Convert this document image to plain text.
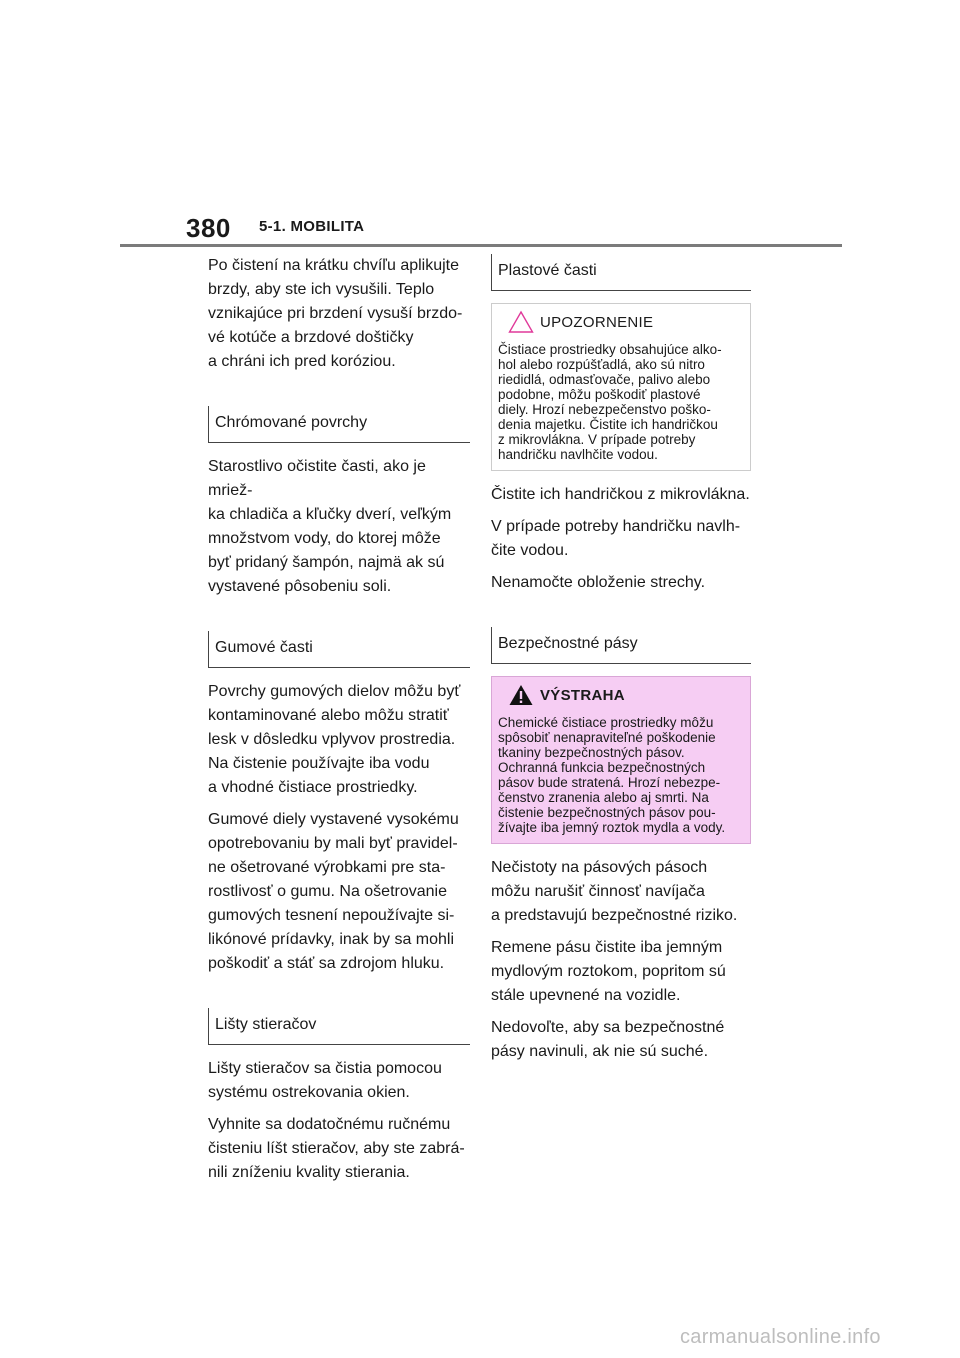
380 5-1. MOBILITA

Po čistení na krátku chvíľu aplikujte
brzdy, aby ste ich vysušili. Teplo
vznikajúce pri brzdení vysuší brzdo-
vé kotúče a brzdové doštičky
a chráni ich pred koróziou.

Chrómované povrchy

Starostlivo očistite časti, ako je mriež-
ka chladiča a kľučky dverí, veľkým
množstvom vody, do ktorej môže
byť pridaný šampón, najmä ak sú
vystavené pôsobeniu soli.

Gumové časti

Povrchy gumových dielov môžu byť
kontaminované alebo môžu stratiť
lesk v dôsledku vplyvov prostredia.
Na čistenie používajte iba vodu
a vhodné čistiace prostriedky.

Gumové diely vystavené vysokému
opotrebovaniu by mali byť pravidel-
ne ošetrované výrobkami pre sta-
rostlivosť o gumu. Na ošetrovanie
gumových tesnení nepoužívajte si-
likónové prídavky, inak by sa mohli
poškodiť a stáť sa zdrojom hluku.

Lišty stieračov

Lišty stieračov sa čistia pomocou
systému ostrekovania okien.

Vyhnite sa dodatočnému ručnému
čisteniu líšt stieračov, aby ste zabrá-
nili zníženiu kvality stierania.

Plastové časti
UPOZORNENIE
Čistiace prostriedky obsahujúce alko-
hol alebo rozpúšťadlá, ako sú nitro
riedidlá, odmasťovače, palivo alebo
podobne, môžu poškodiť plastové
diely. Hrozí nebezpečenstvo poško-
denia majetku. Čistite ich handričkou
z mikrovlákna. V prípade potreby
handričku navlhčite vodou.

Čistite ich handričkou z mikrovlákna.

V prípade potreby handričku navlh-
čite vodou.

Nenamočte obloženie strechy.

Bezpečnostné pásy
VÝSTRAHA
Chemické čistiace prostriedky môžu
spôsobiť nenapraviteľné poškodenie
tkaniny bezpečnostných pásov.
Ochranná funkcia bezpečnostných
pásov bude stratená. Hrozí nebezpe-
čenstvo zranenia alebo aj smrti. Na
čistenie bezpečnostných pásov pou-
žívajte iba jemný roztok mydla a vody.

Nečistoty na pásových pásoch
môžu narušiť činnosť navíjača
a predstavujú bezpečnostné riziko.

Remene pásu čistite iba jemným
mydlovým roztokom, popritom sú
stále upevnené na vozidle.

Nedovoľte, aby sa bezpečnostné
pásy navinuli, ak nie sú suché.

carmanualsonline.info
